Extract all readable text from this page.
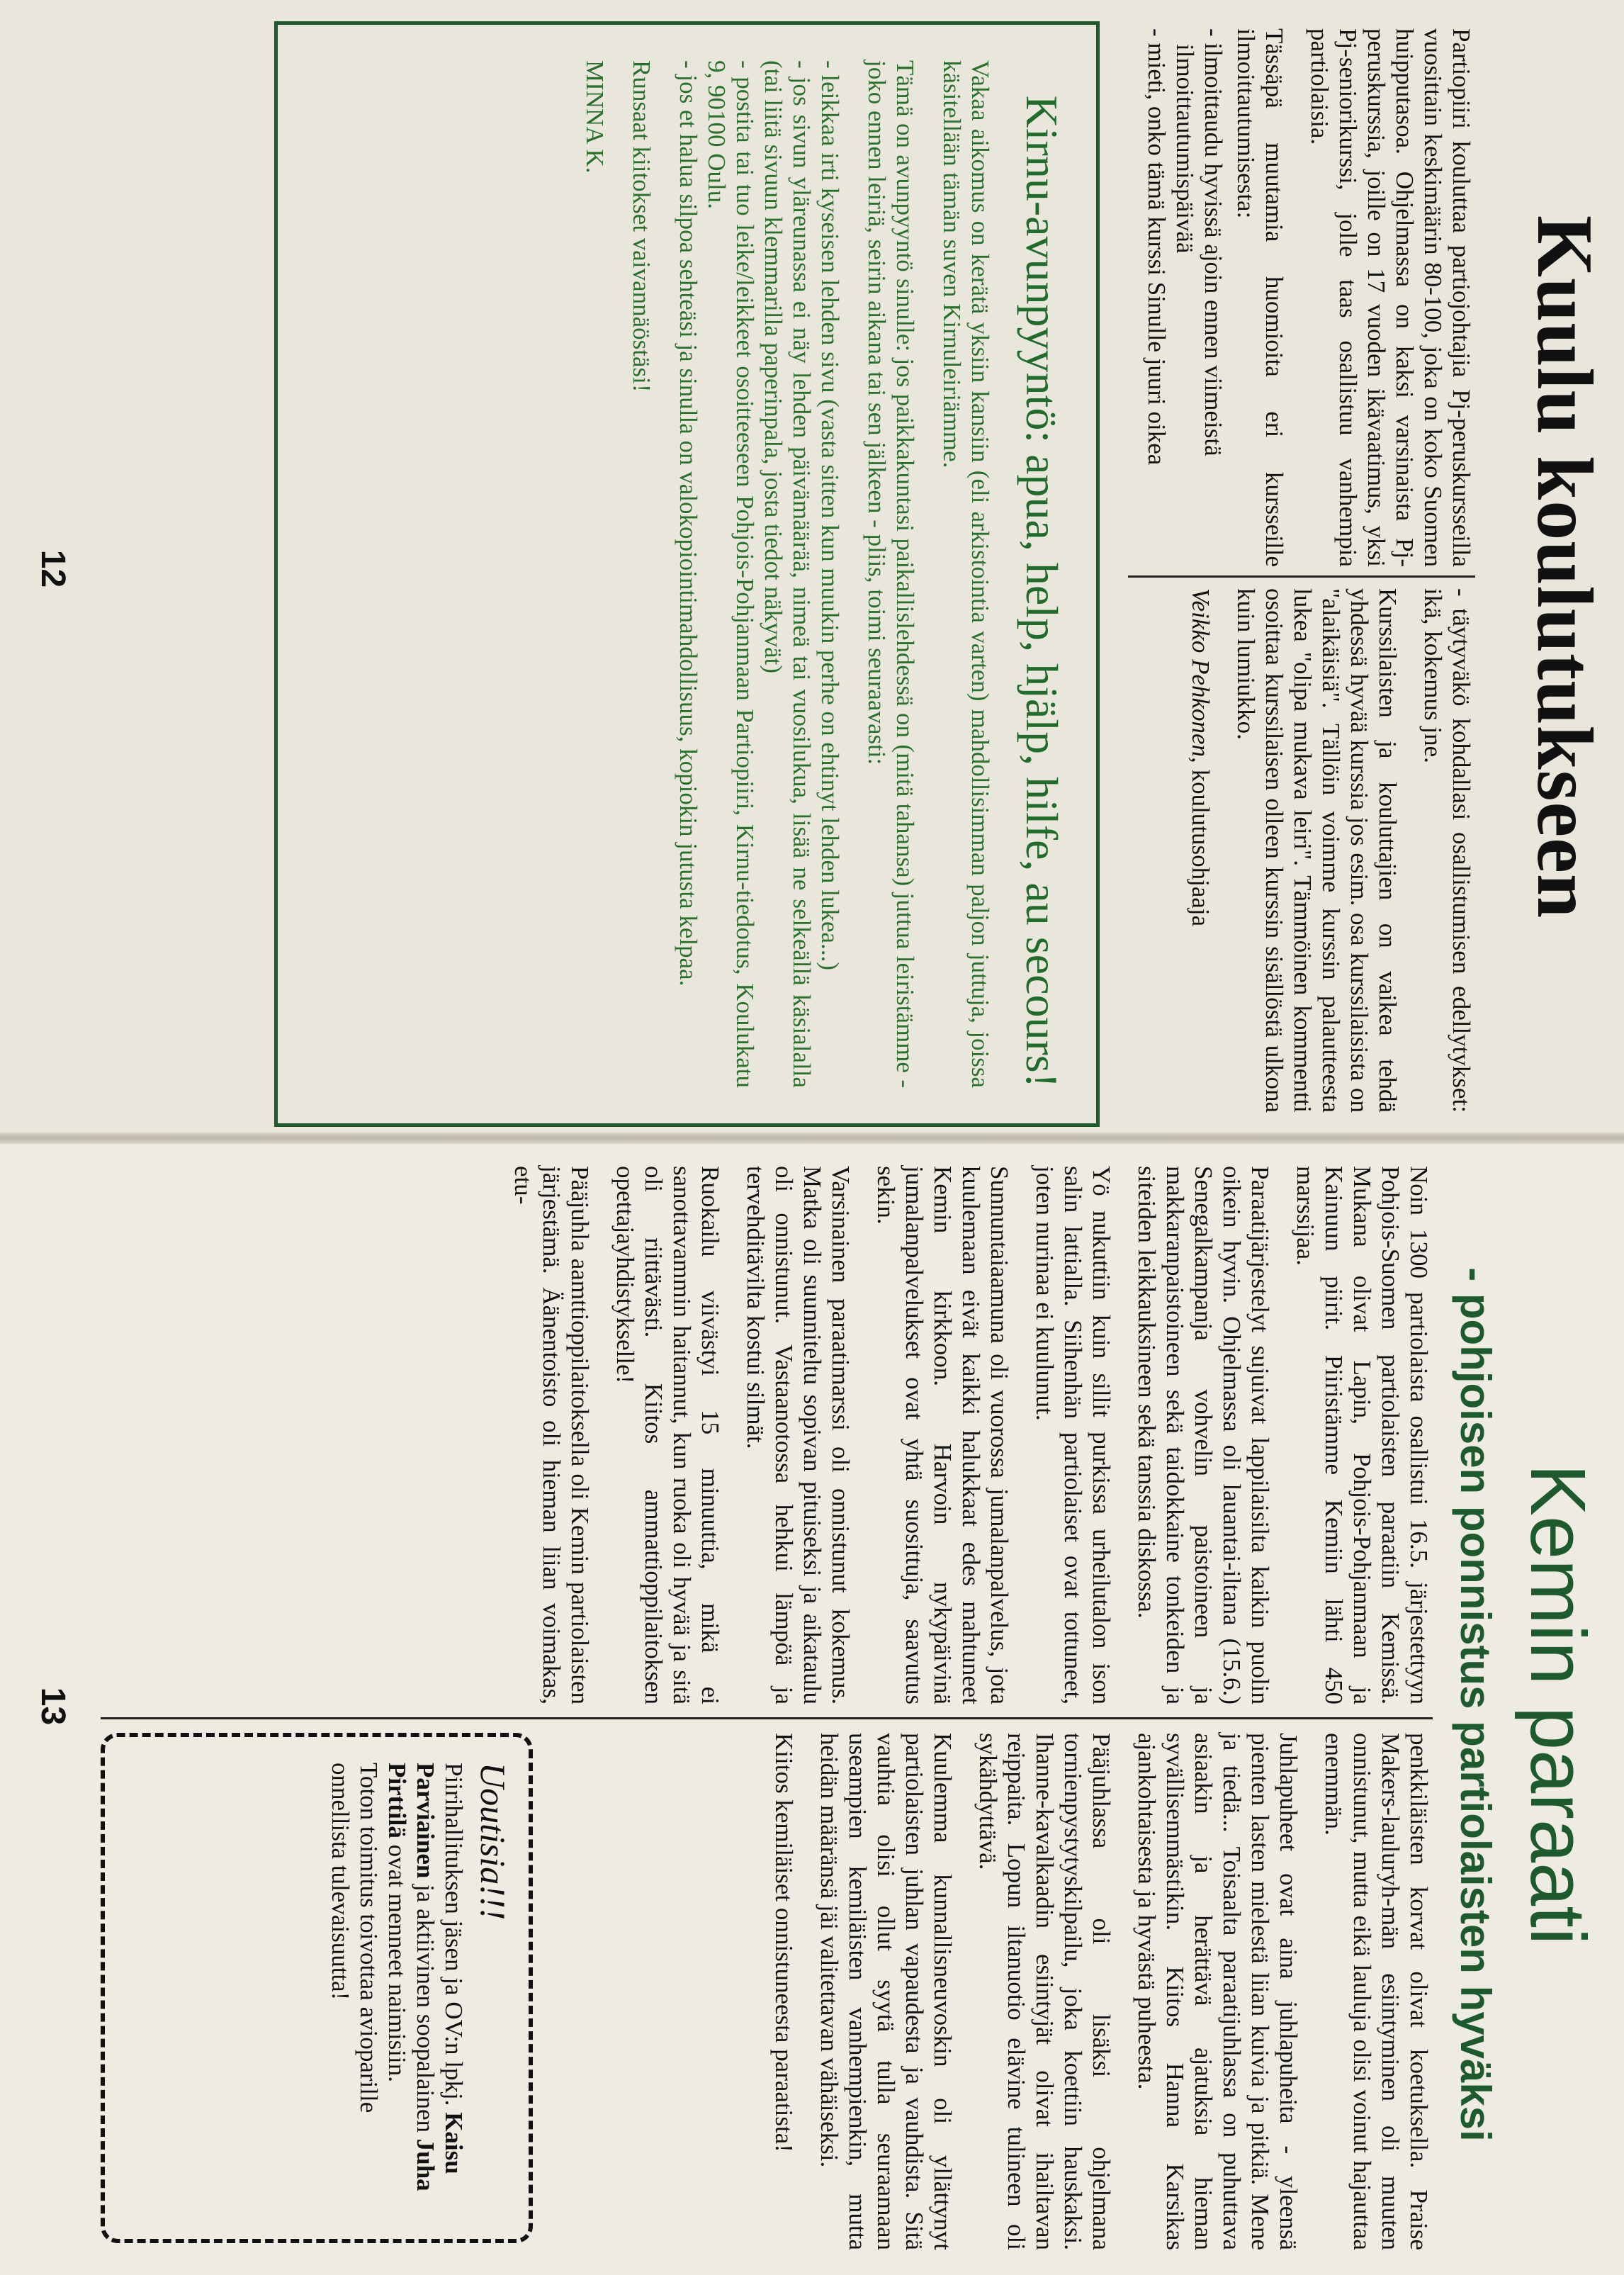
Kuulu koulutukseen

Partiopiiri kouluttaa partiojohtajia Pj-peruskursseilla vuosittain keskimäärin 80-100, joka on koko Suomen huipputasoa. Ohjelmassa on kaksi varsinaista Pj-peruskurssia, joille on 17 vuoden ikävaatimus, yksi Pj-seniorikurssi, jolle taas osallistuu vanhempia partiolaisia.

Tässäpä muutamia huomioita eri kursseille ilmoittautumisesta:

- ilmoittaudu hyvissä ajoin ennen viimeistä ilmoittautumispäivää
- mieti, onko tämä kurssi Sinulle juuri oikea

- täytyväkö kohdallasi osallistumisen edellytykset: ikä, kokemus jne.

Kurssilaisten ja kouluttajien on vaikea tehdä yhdessä hyvää kurssia jos esim. osa kurssilaisista on "alaikäisiä". Tällöin voimme kurssin palautteesta lukea "olipa mukava leiri". Tämmöinen kommentti osoittaa kurssilaisen olleen kurssin sisällöstä ulkona kuin lumiukko.

Veikko Pehkonen, koulutusohjaaja

Kirnu-avunpyyntö: apua, help, hjälp, hilfe, au secours!

Vakaa aikomus on kerätä yksiin kansiin (eli arkistointia varten) mahdollisimman paljon juttuja, joissa käsitellään tämän suven Kirnuleiriämme.

Tämä on avunpyyntö sinulle: jos paikkakuntasi paikallislehdessä on (mitä tahansa) juttua leiristämme - joko ennen leiriä, seirin aikana tai sen jälkeen - pliis, toimi seuraavasti:

- leikkaa irti kyseisen lehden sivu (vasta sitten kun muukin perhe on ehtinyt lehden lukea...)
- jos sivun yläreunassa ei näy lehden päivämäärää, nimeä tai vuosilukua, lisää ne selkeällä käsialalla (tai liitä sivuun klemmarilla paperinpala, josta tiedot näkyvät)
- postita tai tuo leike/leikkeet osoitteeseen Pohjois-Pohjanmaan Partiopiiri, Kirnu-tiedotus, Koulukatu 9, 90100 Oulu.
- jos et halua silpoa sehteäsi ja sinulla on valokopiointimahdollisuus, kopiokin jutusta kelpaa.

Runsaat kiitokset vaivannäöstäsi!

MINNA K.

12
Kemin paraati
- pohjoisen ponnistus partiolaisten hyväksi

Noin 1300 partiolaista osallistui 16.5. järjestettyyn Pohjois-Suomen partiolaisten paraatiin Kemissä. Mukana olivat Lapin, Pohjois-Pohjanmaan ja Kainuun piirit. Piiristämme Kemiin lähti 450 marssijaa.

Paraatijärjestelyt sujuivat lappilaisilta kaikin puolin oikein hyvin. Ohjelmassa oli lauantai-iltana (15.6.) Senegalkampanja vohvelin paistoineen ja makkaranpaistoineen sekä taidokkaine tonkeiden ja siteiden leikkauksineen sekä tanssia diskossa.

Yö nukuttiin kuin sillit purkissa urheilutalon ison salin lattialla. Siihenhän partiolaiset ovat tottuneet, joten nurinaa ei kuulunut.

Sunnuntaiaamuna oli vuorossa jumalanpalvelus, jota kuulemaan eivät kaikki halukkaat edes mahtuneet Kemin kirkkoon. Harvoin nykypäivinä jumalanpalvelukset ovat yhtä suosittuja, saavutus sekin.

Varsinainen paraatimarssi oli onnistunut kokemus. Matka oli suunniteltu sopivan pituiseksi ja aikataulu oli onnistunut. Vastaanotossa hehkui lämpöä ja tervehditävilta kostui silmät.

Ruokailu viivästyi 15 minuuttia, mikä ei sanottavammin haitannut, kun ruoka oli hyvää ja sitä oli riittävästi. Kiitos ammattioppilaitoksen opettajayhdistykselle!

Pääjuhla aamttioppilaitoksella oli Kemin partiolaisten järjestämä. Äänentoisto oli hieman liian voimakas, etu-

penkkiläisten korvat olivat koetuksella. Praise Makers-lauluryh-män esiintyminen oli muuten onnistunut, mutta eikä lauluja olisi voinut hajauttaa enemmän.

Juhlapuheet ovat aina juhlapuheita - yleensä pienten lasten mielestä liian kuivia ja pitkiä. Mene ja tiedä... Toisaalta paraatijuhlassa on puhuttava asiaakin ja herättävä ajatuksia hieman syvällisemmästikin. Kiitos Hanna Karsikas ajankohtaisesta ja hyvästä puheesta.

Pääjuhlassa oli lisäksi ohjelmana tornienpystytyskilpailu, joka koettiin hauskaksi. Ihanne-kavalkaadin esiintyjät olivat ihailtavan reippaita. Lopun iltanuotio elävine tulineen oli sykähdyttävä.

Kuulemma kunnallisneuvoskin oli yllättynyt partiolaisten juhlan vapaudesta ja vauhdista. Sitä vauhtia olisi ollut syytä tulla seuraamaan useampien kemiläisten vanhempienkin, mutta heidän määränsä jäi valitettavan vähäiseksi.

Kiitos kemiläiset onnistuneesta paraatista!

Uoutisia!!!
Piirihallituksen jäsen ja OV:n lpkj. Kaisu Parviainen ja aktiivinen soopalainen Juha Pirttilä ovat menneet naimisiin.
Toton toimitus toivottaa avioparille onnellista tulevaisuutta!
13
